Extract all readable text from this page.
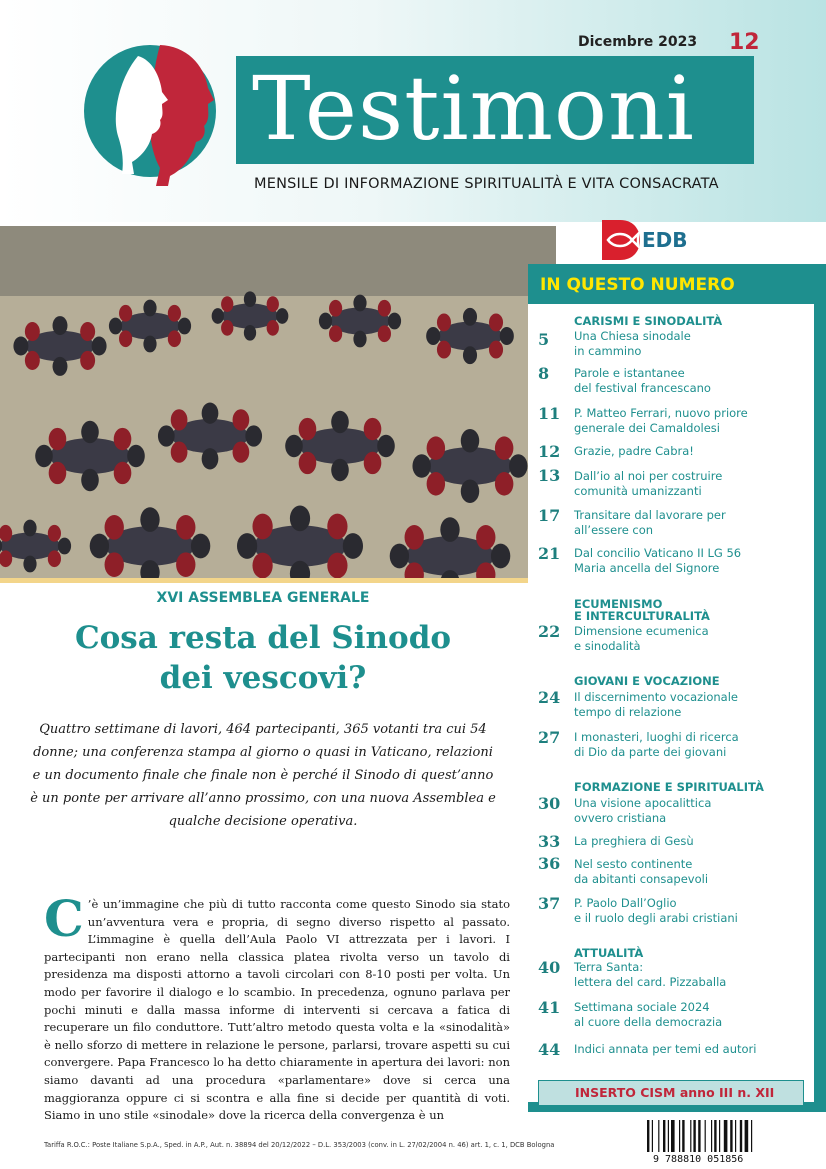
Dicembre 2023 12
Testimoni
MENSILE DI INFORMAZIONE SPIRITUALITÀ E VITA CONSACRATA
EDB
IN QUESTO NUMERO
CARISMI E SINODALITÀ
5 Una Chiesa sinodale
in cammino
8 Parole e istantanee
del festival francescano
11 P. Matteo Ferrari, nuovo priore
generale dei Camaldolesi
12 Grazie, padre Cabra!
13 Dall’io al noi per costruire
comunità umanizzanti
17 Transitare dal lavorare per
all’essere con
21 Dal concilio Vaticano II LG 56
Maria ancella del Signore
ECUMENISMO
E INTERCULTURALITÀ
22 Dimensione ecumenica
e sinodalità
GIOVANI E VOCAZIONE
24 Il discernimento vocazionale
tempo di relazione
27 I monasteri, luoghi di ricerca
di Dio da parte dei giovani
FORMAZIONE E SPIRITUALITÀ
30 Una visione apocalittica
ovvero cristiana
33 La preghiera di Gesù
36 Nel sesto continente
da abitanti consapevoli
37 P. Paolo Dall’Oglio
e il ruolo degli arabi cristiani
ATTUALITÀ
40 Terra Santa:
lettera del card. Pizzaballa
41 Settimana sociale 2024
al cuore della democrazia
44 Indici annata per temi ed autori
INSERTO CISM anno III n. XII
XVI ASSEMBLEA GENERALE
Cosa resta del Sinodo
dei vescovi?
Quattro settimane di lavori, 464 partecipanti, 365 votanti tra cui 54 donne; una conferenza stampa al giorno o quasi in Vaticano, relazioni e un documento finale che finale non è perché il Sinodo di quest’anno è un ponte per arrivare all’anno prossimo, con una nuova Assemblea e qualche decisione operativa.
C ’è un’immagine che più di tutto racconta come questo Sinodo sia stato un’avventura vera e propria, di segno diverso rispetto al passato. L’immagine è quella dell’Aula Paolo VI attrezzata per i lavori. I partecipanti non erano nella classica platea rivolta verso un tavolo di presidenza ma disposti attorno a tavoli circolari con 8-10 posti per volta. Un modo per favorire il dialogo e lo scambio. In precedenza, ognuno parlava per pochi minuti e dalla massa informe di interventi si cercava a fatica di recuperare un filo conduttore. Tutt’altro metodo questa volta e la «sinodalità» è nello sforzo di mettere in relazione le persone, parlarsi, trovare aspetti su cui convergere. Papa Francesco lo ha detto chiaramente in apertura dei lavori: non siamo davanti ad una procedura «parlamentare» dove si cerca una maggioranza oppure ci si scontra e alla fine si decide per quantità di voti. Siamo in uno stile «sinodale» dove la ricerca della convergenza è un
Tariffa R.O.C.: Poste Italiane S.p.A., Sped. in A.P., Aut. n. 38894 del 20/12/2022 – D.L. 353/2003 (conv. in L. 27/02/2004 n. 46) art. 1, c. 1, DCB Bologna
9 788810 051856
